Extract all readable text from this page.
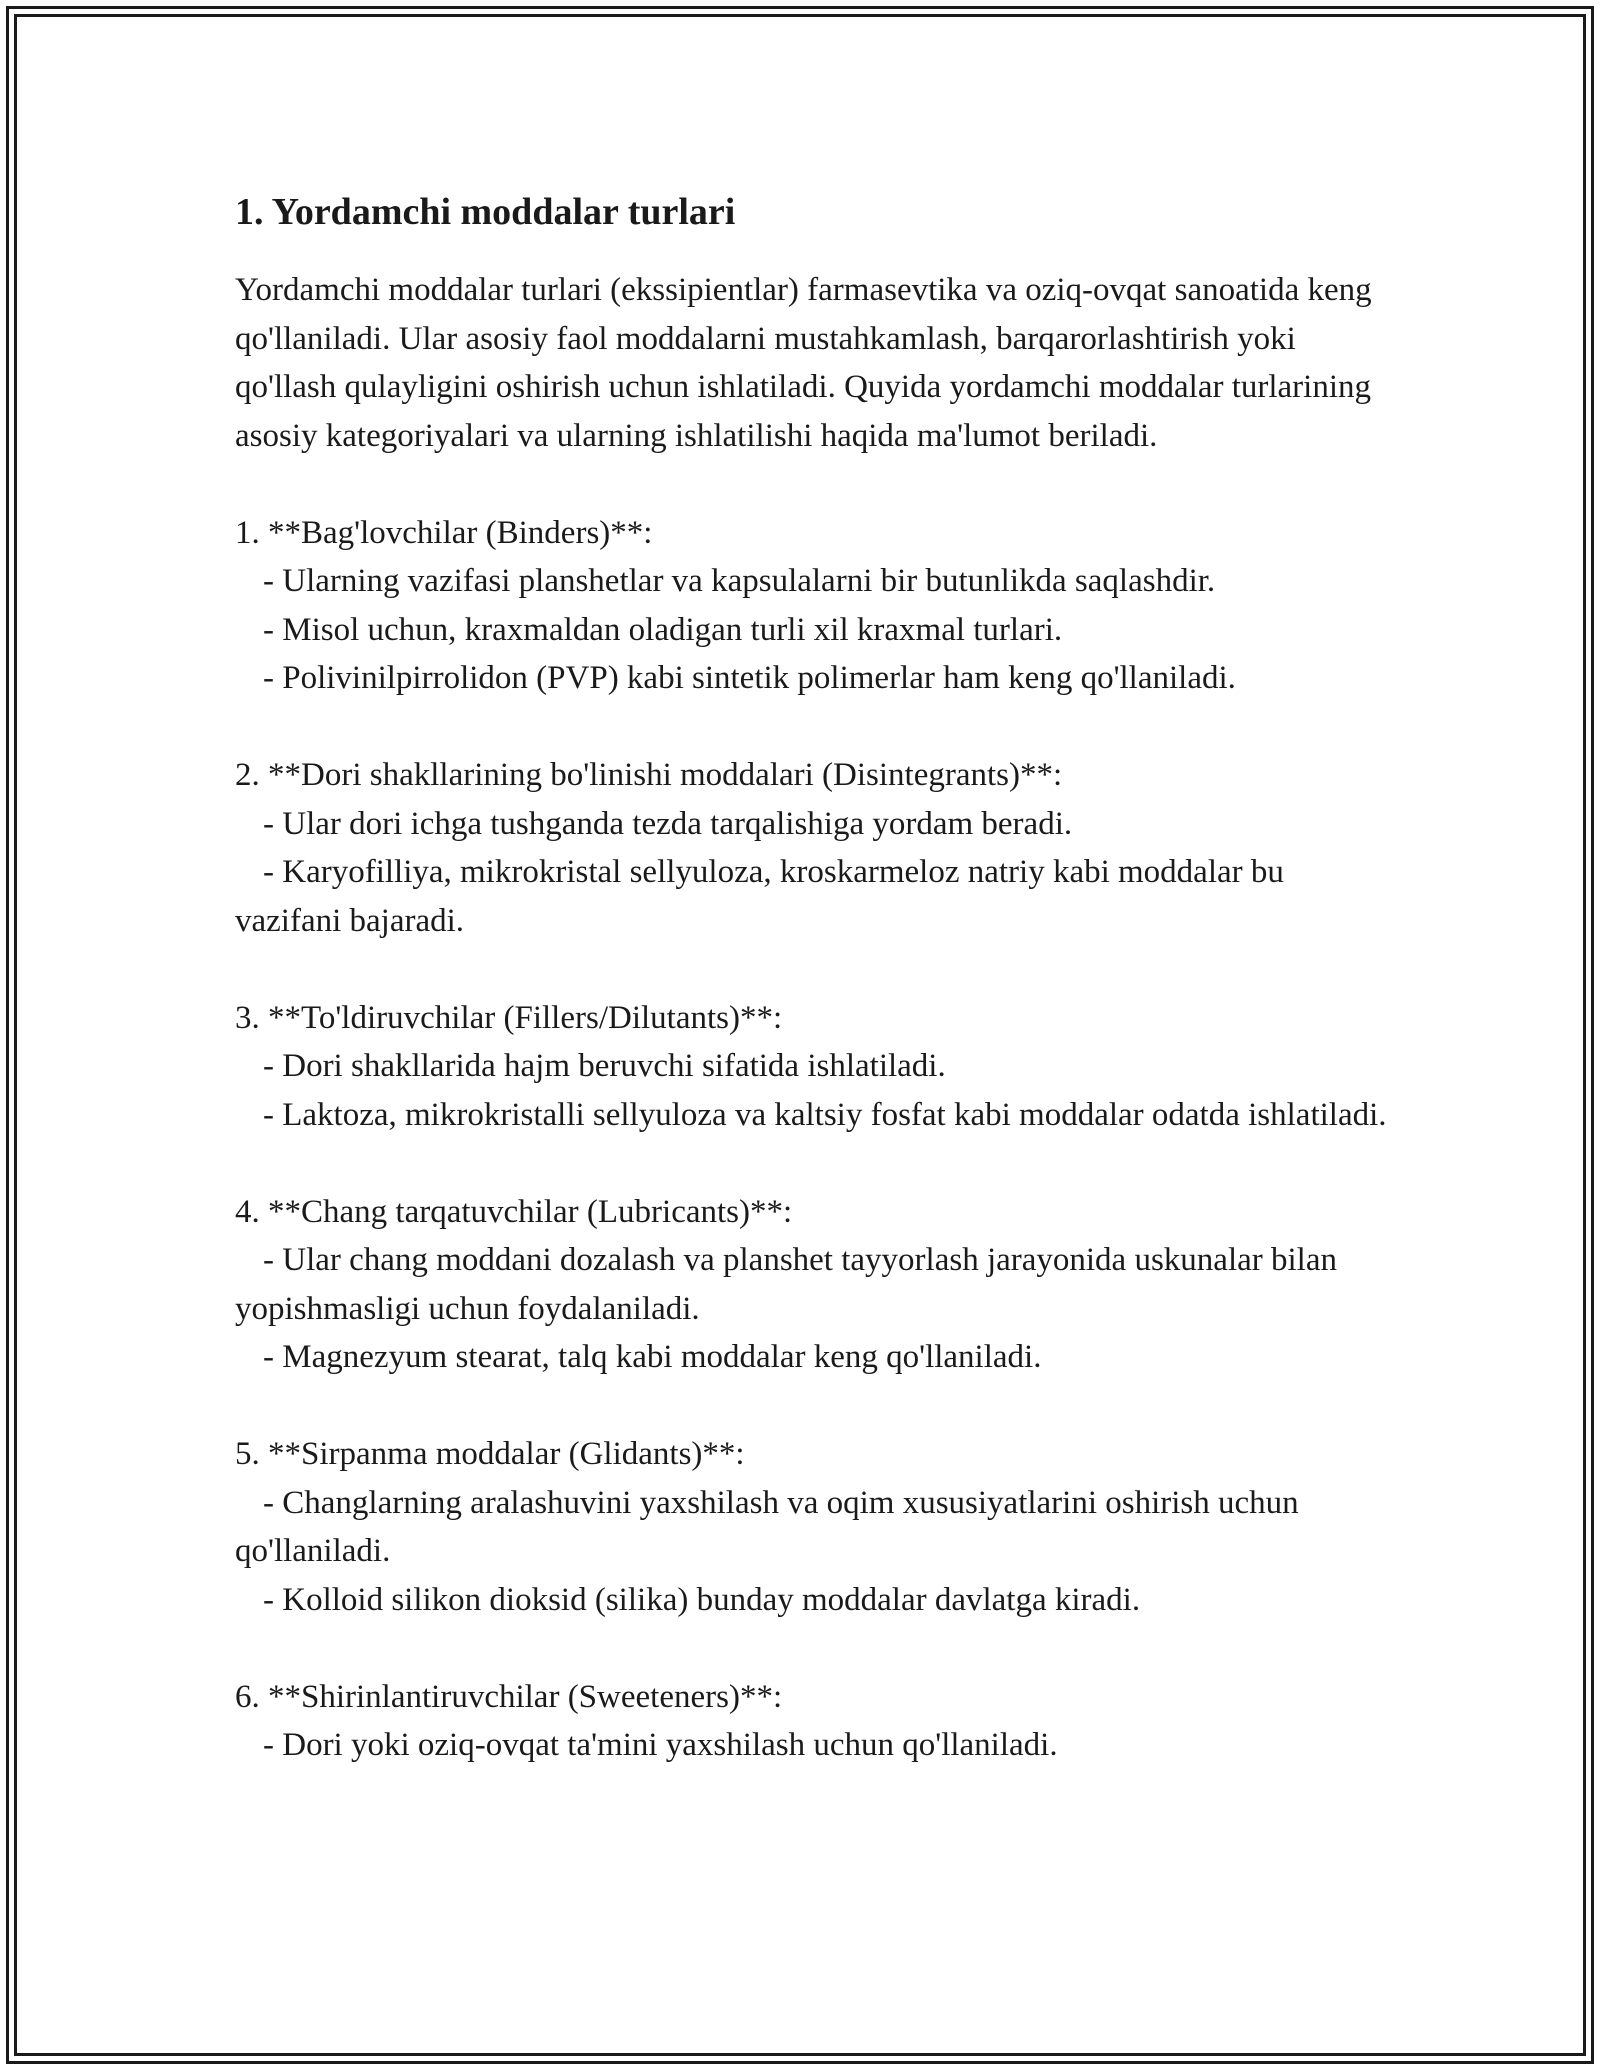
1. Yordamchi moddalar turlari

Yordamchi moddalar turlari (ekssipientlar) farmasevtika va oziq-ovqat sanoatida keng qo'llaniladi. Ular asosiy faol moddalarni mustahkamlash, barqarorlashtirish yoki qo'llash qulayligini oshirish uchun ishlatiladi. Quyida yordamchi moddalar turlarining asosiy kategoriyalari va ularning ishlatilishi haqida ma'lumot beriladi.

1. **Bag'lovchilar (Binders)**:

- Ularning vazifasi planshetlar va kapsulalarni bir butunlikda saqlashdir.

- Misol uchun, kraxmaldan oladigan turli xil kraxmal turlari.

- Polivinilpirrolidon (PVP) kabi sintetik polimerlar ham keng qo'llaniladi.

2. **Dori shakllarining bo'linishi moddalari (Disintegrants)**:

- Ular dori ichga tushganda tezda tarqalishiga yordam beradi.

- Karyofilliya, mikrokristal sellyuloza, kroskarmeloz natriy kabi moddalar bu vazifani bajaradi.

3. **To'ldiruvchilar (Fillers/Dilutants)**:

- Dori shakllarida hajm beruvchi sifatida ishlatiladi.

- Laktoza, mikrokristalli sellyuloza va kaltsiy fosfat kabi moddalar odatda ishlatiladi.

4. **Chang tarqatuvchilar (Lubricants)**:

- Ular chang moddani dozalash va planshet tayyorlash jarayonida uskunalar bilan yopishmasligi uchun foydalaniladi.

- Magnezyum stearat, talq kabi moddalar keng qo'llaniladi.

5. **Sirpanma moddalar (Glidants)**:

- Changlarning aralashuvini yaxshilash va oqim xususiyatlarini oshirish uchun qo'llaniladi.

- Kolloid silikon dioksid (silika) bunday moddalar davlatga kiradi.

6. **Shirinlantiruvchilar (Sweeteners)**:

- Dori yoki oziq-ovqat ta'mini yaxshilash uchun qo'llaniladi.
